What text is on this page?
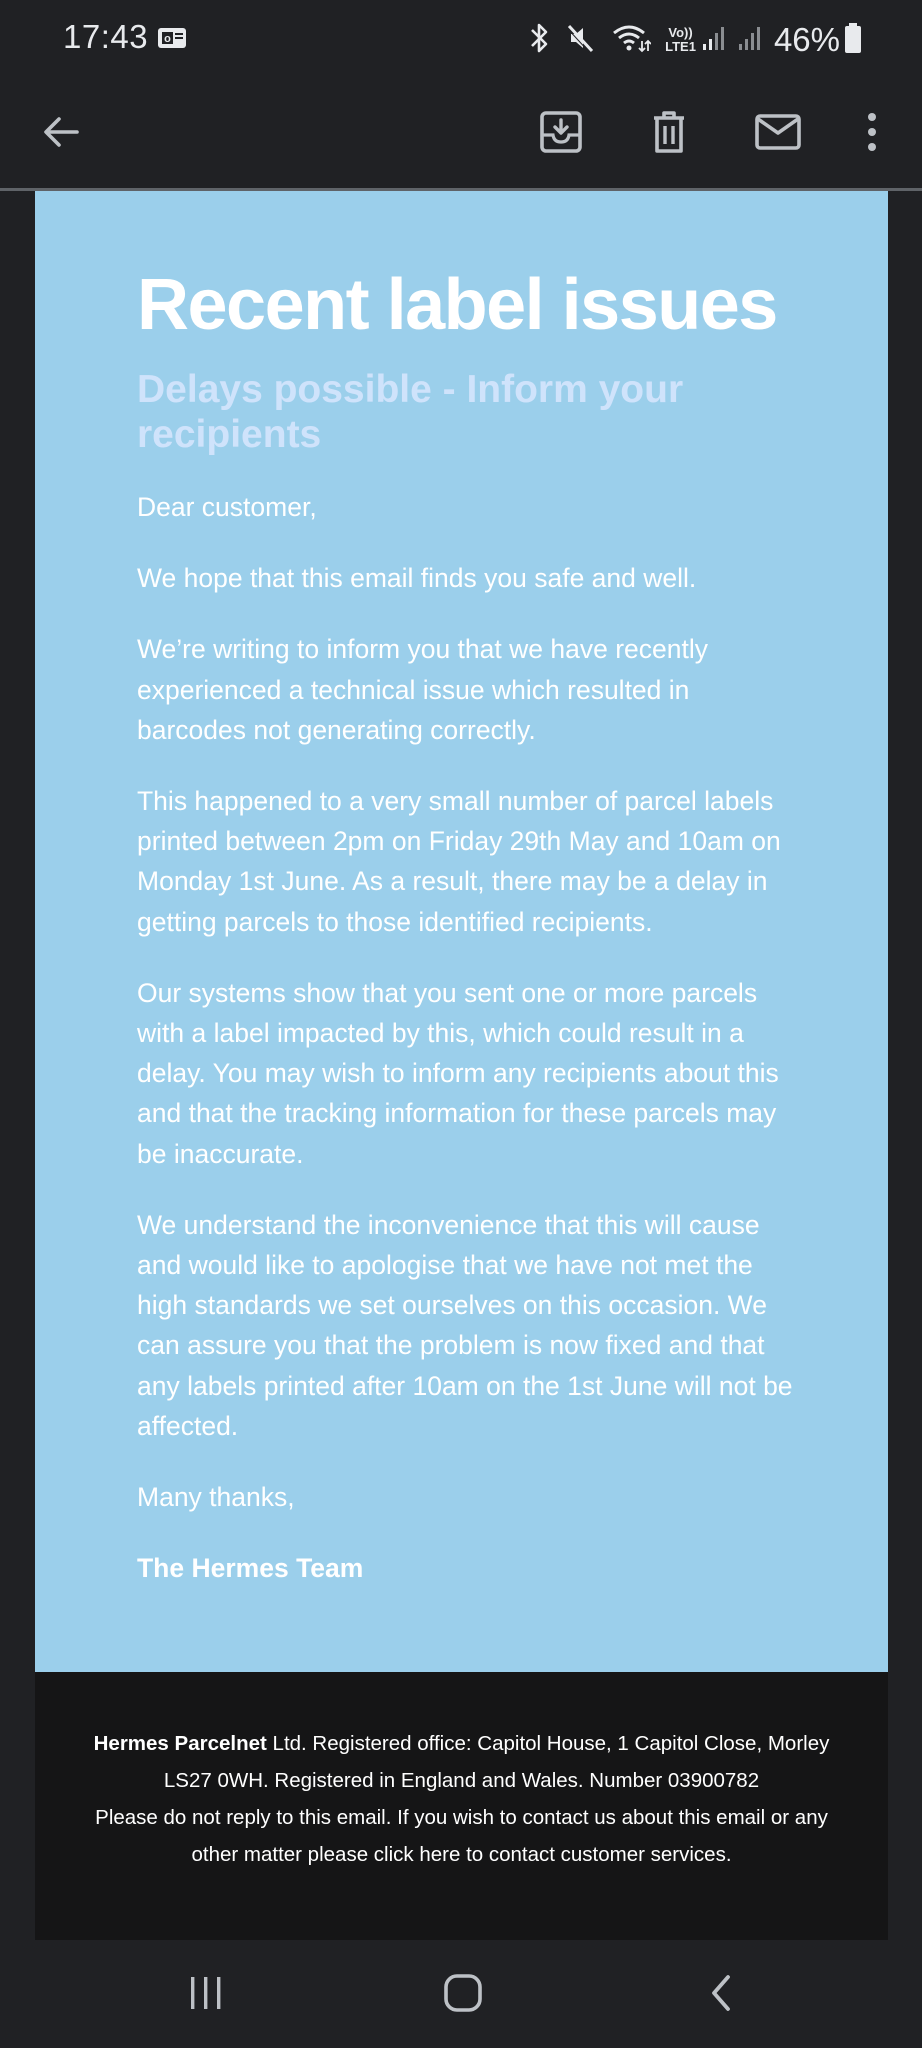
17:43 o	Vo))
LTE1 46%
Recent label issues
Delays possible - Inform your recipients

Dear customer,

We hope that this email finds you safe and well.

We’re writing to inform you that we have recently experienced a technical issue which resulted in barcodes not generating correctly.

This happened to a very small number of parcel labels printed between 2pm on Friday 29th May and 10am on Monday 1st June. As a result, there may be a delay in getting parcels to those identified recipients.

Our systems show that you sent one or more parcels with a label impacted by this, which could result in a delay. You may wish to inform any recipients about this and that the tracking information for these parcels may be inaccurate.

We understand the inconvenience that this will cause and would like to apologise that we have not met the high standards we set ourselves on this occasion. We can assure you that the problem is now fixed and that any labels printed after 10am on the 1st June will not be affected.

Many thanks,

The Hermes Team

Hermes Parcelnet Ltd. Registered office: Capitol House, 1 Capitol Close, Morley
LS27 0WH. Registered in England and Wales. Number 03900782
Please do not reply to this email. If you wish to contact us about this email or any
other matter please click here to contact customer services.
